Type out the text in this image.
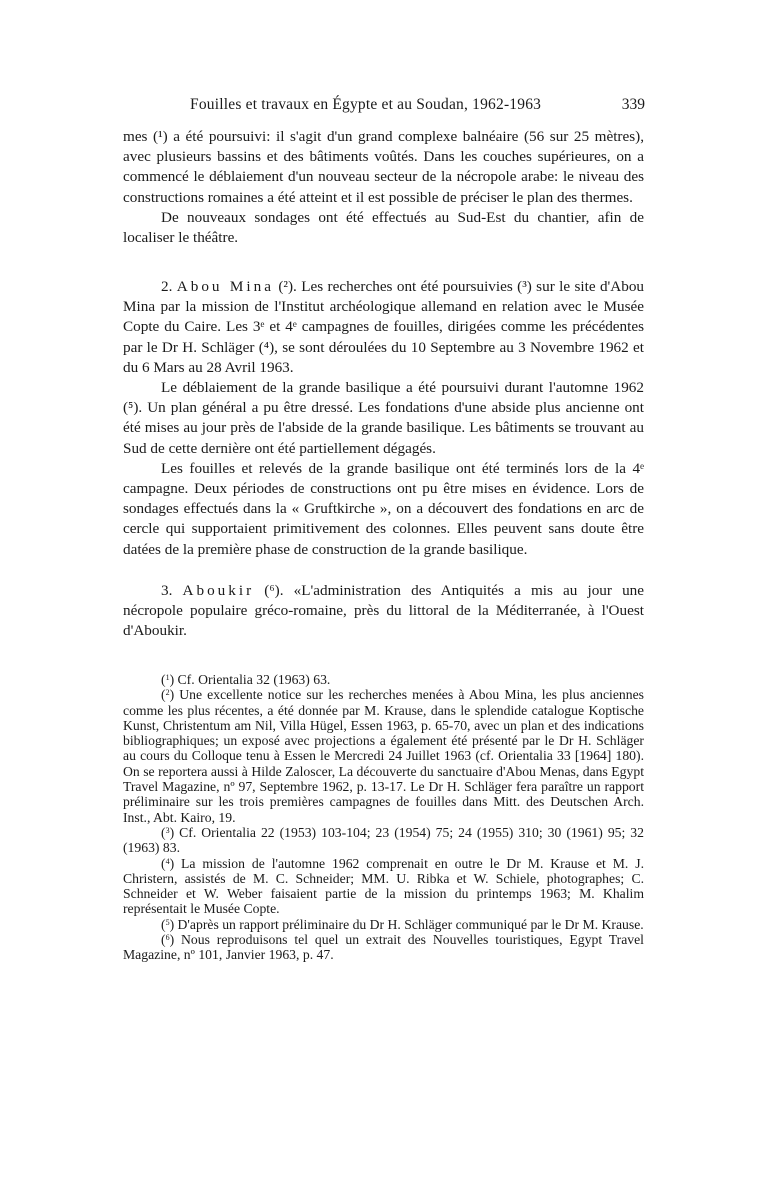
Fouilles et travaux en Égypte et au Soudan, 1962-1963	339

mes (¹) a été poursuivi: il s'agit d'un grand complexe balnéaire (56 sur 25 mètres), avec plusieurs bassins et des bâtiments voûtés. Dans les couches supérieures, on a commencé le déblaiement d'un nouveau secteur de la nécropole arabe: le niveau des constructions romaines a été atteint et il est possible de préciser le plan des thermes.

De nouveaux sondages ont été effectués au Sud-Est du chantier, afin de localiser le théâtre.

2. Abou Mina (²). Les recherches ont été poursuivies (³) sur le site d'Abou Mina par la mission de l'Institut archéologique allemand en relation avec le Musée Copte du Caire. Les 3ᵉ et 4ᵉ campagnes de fouilles, dirigées comme les précédentes par le Dr H. Schläger (⁴), se sont déroulées du 10 Septembre au 3 Novembre 1962 et du 6 Mars au 28 Avril 1963.

Le déblaiement de la grande basilique a été poursuivi durant l'automne 1962 (⁵). Un plan général a pu être dressé. Les fondations d'une abside plus ancienne ont été mises au jour près de l'abside de la grande basilique. Les bâtiments se trouvant au Sud de cette dernière ont été partiellement dégagés.

Les fouilles et relevés de la grande basilique ont été terminés lors de la 4ᵉ campagne. Deux périodes de constructions ont pu être mises en évidence. Lors de sondages effectués dans la « Gruftkirche », on a découvert des fondations en arc de cercle qui supportaient primitivement des colonnes. Elles peuvent sans doute être datées de la première phase de construction de la grande basilique.

3. Aboukir (⁶). «L'administration des Antiquités a mis au jour une nécropole populaire gréco-romaine, près du littoral de la Méditerranée, à l'Ouest d'Aboukir.

($^1$) Cf. Orientalia 32 (1963) 63.

($^2$) Une excellente notice sur les recherches menées à Abou Mina, les plus anciennes comme les plus récentes, a été donnée par M. Krause, dans le splendide catalogue Koptische Kunst, Christentum am Nil, Villa Hügel, Essen 1963, p. 65-70, avec un plan et des indications bibliographiques; un exposé avec projections a également été présenté par le Dr H. Schläger au cours du Colloque tenu à Essen le Mercredi 24 Juillet 1963 (cf. Orientalia 33 [1964] 180). On se reportera aussi à Hilde Zaloscer, La découverte du sanctuaire d'Abou Menas, dans Egypt Travel Magazine, nº 97, Septembre 1962, p. 13-17. Le Dr H. Schläger fera paraître un rapport préliminaire sur les trois premières campagnes de fouilles dans Mitt. des Deutschen Arch. Inst., Abt. Kairo, 19.

($^3$) Cf. Orientalia 22 (1953) 103-104; 23 (1954) 75; 24 (1955) 310; 30 (1961) 95; 32 (1963) 83.

($^4$) La mission de l'automne 1962 comprenait en outre le Dr M. Krause et M. J. Christern, assistés de M. C. Schneider; MM. U. Ribka et W. Schiele, photographes; C. Schneider et W. Weber faisaient partie de la mission du printemps 1963; M. Khalim représentait le Musée Copte.

($^5$) D'après un rapport préliminaire du Dr H. Schläger communiqué par le Dr M. Krause.

($^6$) Nous reproduisons tel quel un extrait des Nouvelles touristiques, Egypt Travel Magazine, nº 101, Janvier 1963, p. 47.
